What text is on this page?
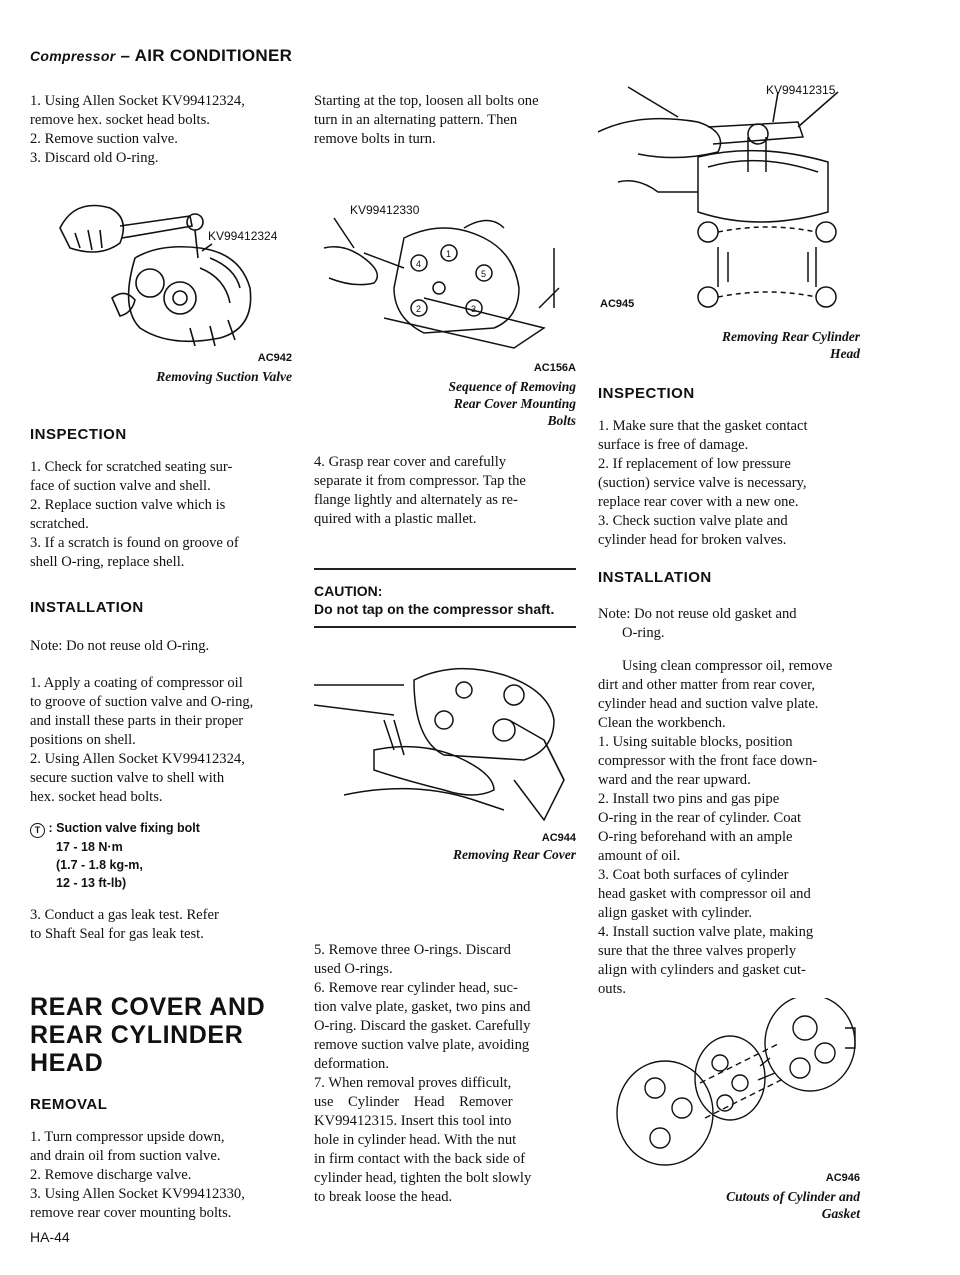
Compressor – AIR CONDITIONER

1. Using Allen Socket KV99412324,

remove hex. socket head bolts.

2. Remove suction valve.

3. Discard old O-ring.

KV99412324
AC942
Removing Suction Valve

INSPECTION

1. Check for scratched seating sur-

face of suction valve and shell.

2. Replace suction valve which is

scratched.

3. If a scratch is found on groove of

shell O-ring, replace shell.

INSTALLATION

Note: Do not reuse old O-ring.

1. Apply a coating of compressor oil

to groove of suction valve and O-ring,

and install these parts in their proper

positions on shell.

2. Using Allen Socket KV99412324,

secure suction valve to shell with

hex. socket head bolts.

T : Suction valve fixing bolt
17 - 18 N·m
(1.7 - 1.8 kg-m,
12 - 13 ft-lb)

3. Conduct a gas leak test. Refer

to Shaft Seal for gas leak test.

REAR COVER AND

REAR CYLINDER

HEAD

REMOVAL

1. Turn compressor upside down,

and drain oil from suction valve.

2. Remove discharge valve.

3. Using Allen Socket KV99412330,

remove rear cover mounting bolts.

Starting at the top, loosen all bolts one

turn in an alternating pattern. Then

remove bolts in turn.

4
1
5
3
2
KV99412330
AC156A
Sequence of Removing
Rear Cover Mounting
Bolts

4. Grasp rear cover and carefully

separate it from compressor. Tap the

flange lightly and alternately as re-

quired with a plastic mallet.

CAUTION:
Do not tap on the compressor shaft.
AC944
Removing Rear Cover

5. Remove three O-rings. Discard

used O-rings.

6. Remove rear cylinder head, suc-

tion valve plate, gasket, two pins and

O-ring. Discard the gasket. Carefully

remove suction valve plate, avoiding

deformation.

7. When removal proves difficult,

use    Cylinder    Head    Remover

KV99412315. Insert this tool into

hole in cylinder head. With the nut

in firm contact with the back side of

cylinder head, tighten the bolt slowly

to break loose the head.

KV99412315
AC945
Removing Rear Cylinder
Head

INSPECTION

1. Make sure that the gasket contact

surface is free of damage.

2. If replacement of low pressure

(suction) service valve is necessary,

replace rear cover with a new one.

3. Check suction valve plate and

cylinder head for broken valves.

INSTALLATION

Note: Do not reuse old gasket and

O-ring.

Using clean compressor oil, remove

dirt and other matter from rear cover,

cylinder head and suction valve plate.

Clean the workbench.

1. Using suitable blocks, position

compressor with the front face down-

ward and the rear upward.

2. Install two pins and gas pipe

O-ring in the rear of cylinder. Coat

O-ring beforehand with an ample

amount of oil.

3. Coat both surfaces of cylinder

head gasket with compressor oil and

align gasket with cylinder.

4. Install suction valve plate, making

sure that the three valves properly

align with cylinders and gasket cut-

outs.

AC946
Cutouts of Cylinder and
Gasket
HA-44
